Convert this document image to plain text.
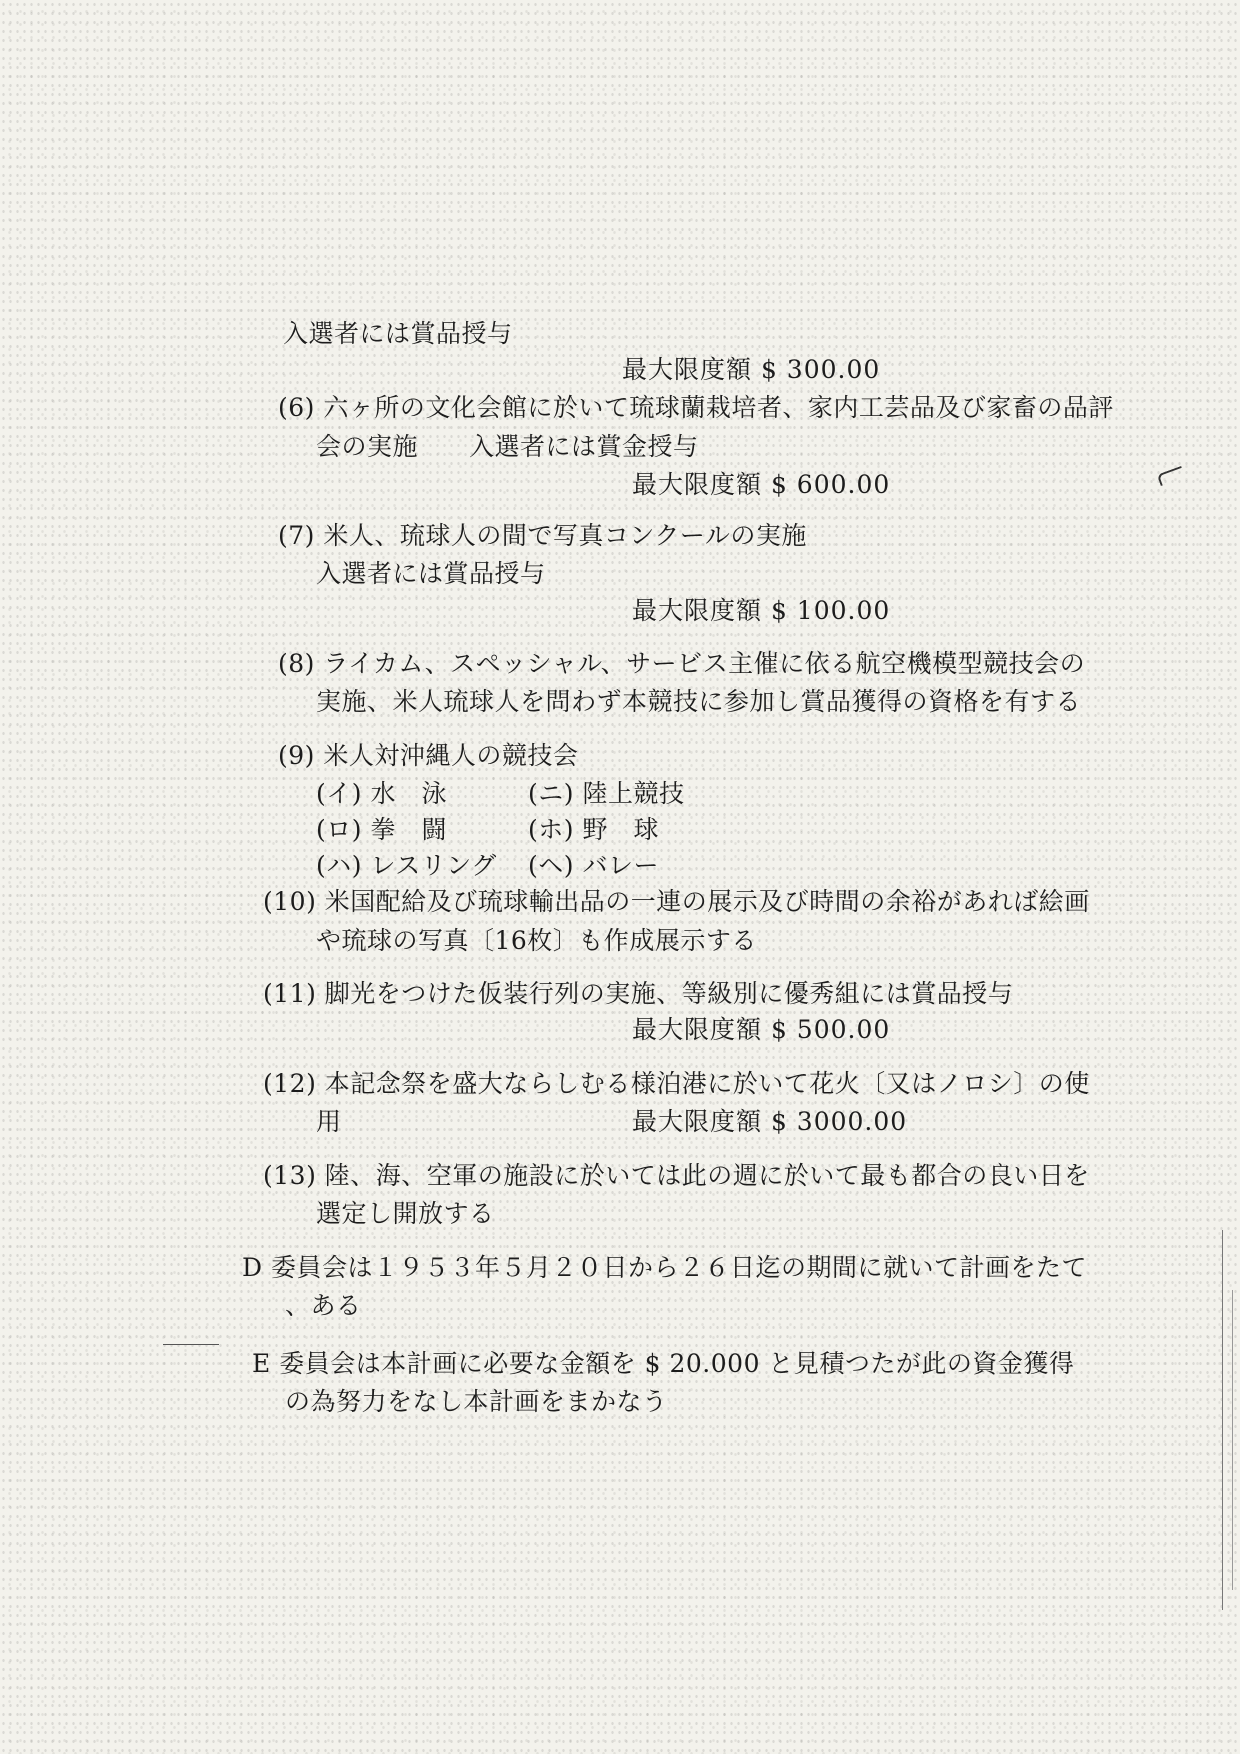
入選者には賞品授与
最大限度額 $ 300.00
(6) 六ヶ所の文化会館に於いて琉球蘭栽培者、家内工芸品及び家畜の品評
会の実施　　入選者には賞金授与
最大限度額 $ 600.00
(7) 米人、琉球人の間で写真コンクールの実施
入選者には賞品授与
最大限度額 $ 100.00
(8) ライカム、スペッシャル、サービス主催に依る航空機模型競技会の
実施、米人琉球人を問わず本競技に参加し賞品獲得の資格を有する
(9) 米人対沖縄人の競技会
(イ) 水　泳	(ニ) 陸上競技
(ロ) 拳　闘	(ホ) 野　球
(ハ) レスリング (ヘ) バレー
(10) 米国配給及び琉球輸出品の一連の展示及び時間の余裕があれば絵画
や琉球の写真〔16枚〕も作成展示する
(11) 脚光をつけた仮装行列の実施、等級別に優秀組には賞品授与
最大限度額 $ 500.00
(12) 本記念祭を盛大ならしむる様泊港に於いて花火〔又はノロシ〕の使
用	最大限度額 $ 3000.00
(13) 陸、海、空軍の施設に於いては此の週に於いて最も都合の良い日を
選定し開放する
D 委員会は１９５３年５月２０日から２６日迄の期間に就いて計画をたて
、ある
E 委員会は本計画に必要な金額を $ 20.000 と見積つたが此の資金獲得
の為努力をなし本計画をまかなう
